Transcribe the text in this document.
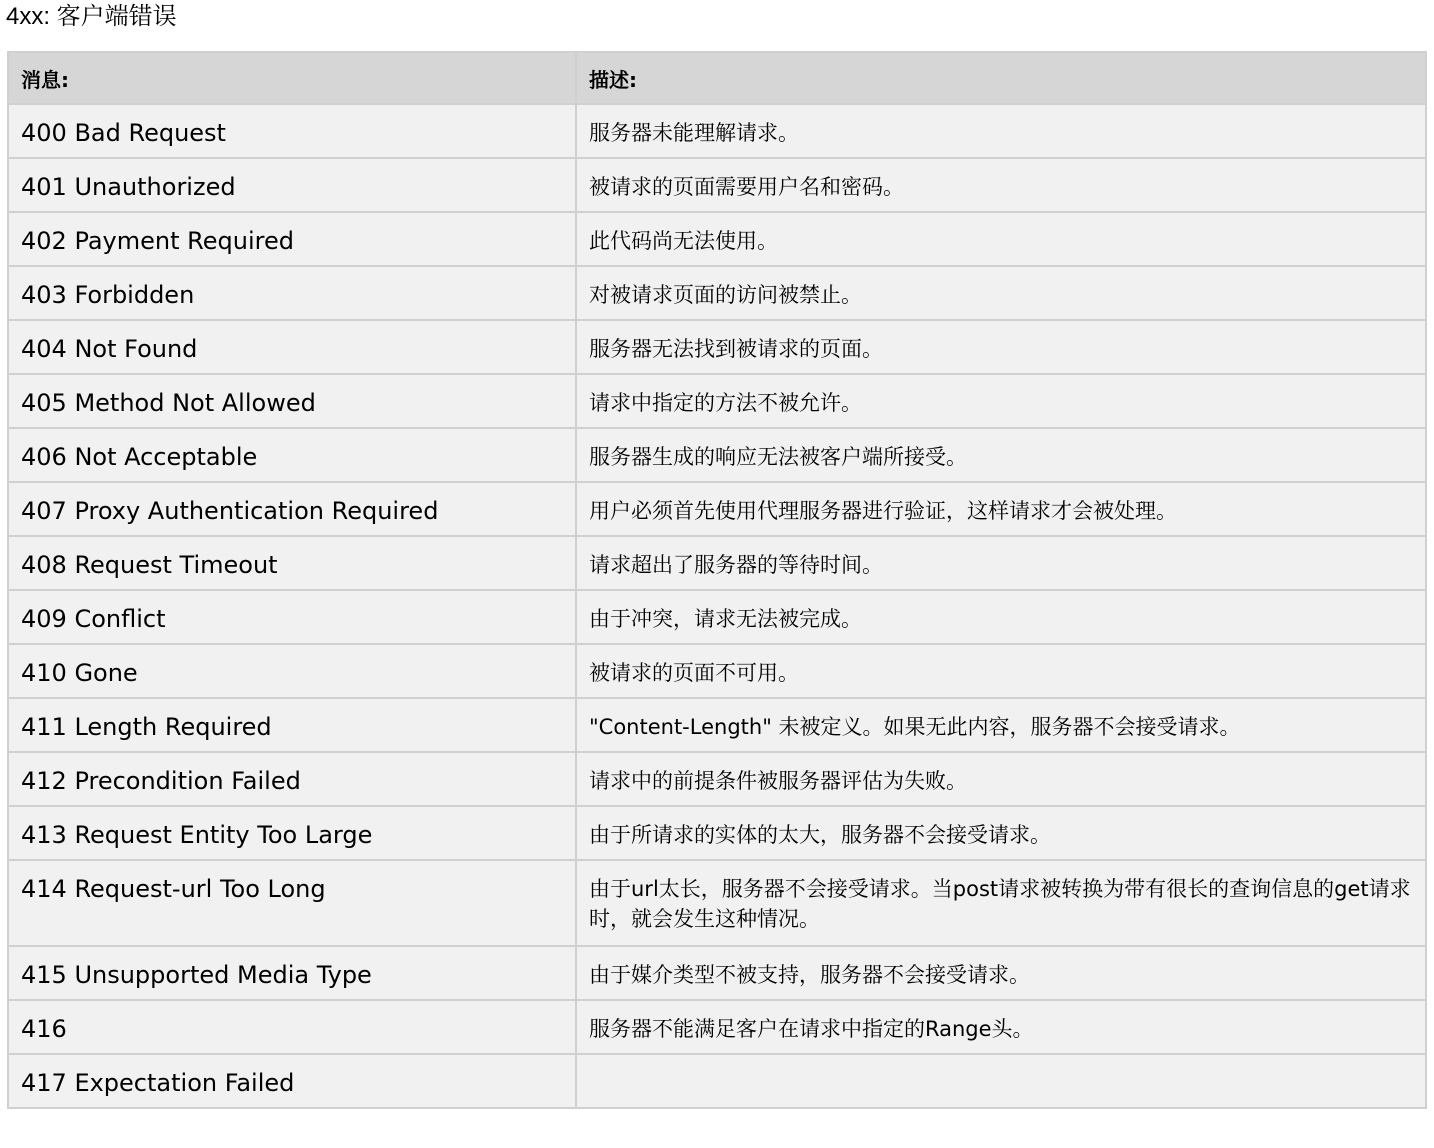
4xx: 客户端错误
消息:	描述:
400 Bad Request	服务器未能理解请求。
401 Unauthorized	被请求的页面需要用户名和密码。
402 Payment Required	此代码尚无法使用。
403 Forbidden	对被请求页面的访问被禁止。
404 Not Found	服务器无法找到被请求的页面。
405 Method Not Allowed	请求中指定的方法不被允许。
406 Not Acceptable	服务器生成的响应无法被客户端所接受。
407 Proxy Authentication Required	用户必须首先使用代理服务器进行验证，这样请求才会被处理。
408 Request Timeout	请求超出了服务器的等待时间。
409 Conflict	由于冲突，请求无法被完成。
410 Gone	被请求的页面不可用。
411 Length Required	"Content-Length" 未被定义。如果无此内容，服务器不会接受请求。
412 Precondition Failed	请求中的前提条件被服务器评估为失败。
413 Request Entity Too Large	由于所请求的实体的太大，服务器不会接受请求。
414 Request-url Too Long	由于url太长，服务器不会接受请求。当post请求被转换为带有很长的查询信息的get请求时，就会发生这种情况。
415 Unsupported Media Type	由于媒介类型不被支持，服务器不会接受请求。
416	服务器不能满足客户在请求中指定的Range头。
417 Expectation Failed	
